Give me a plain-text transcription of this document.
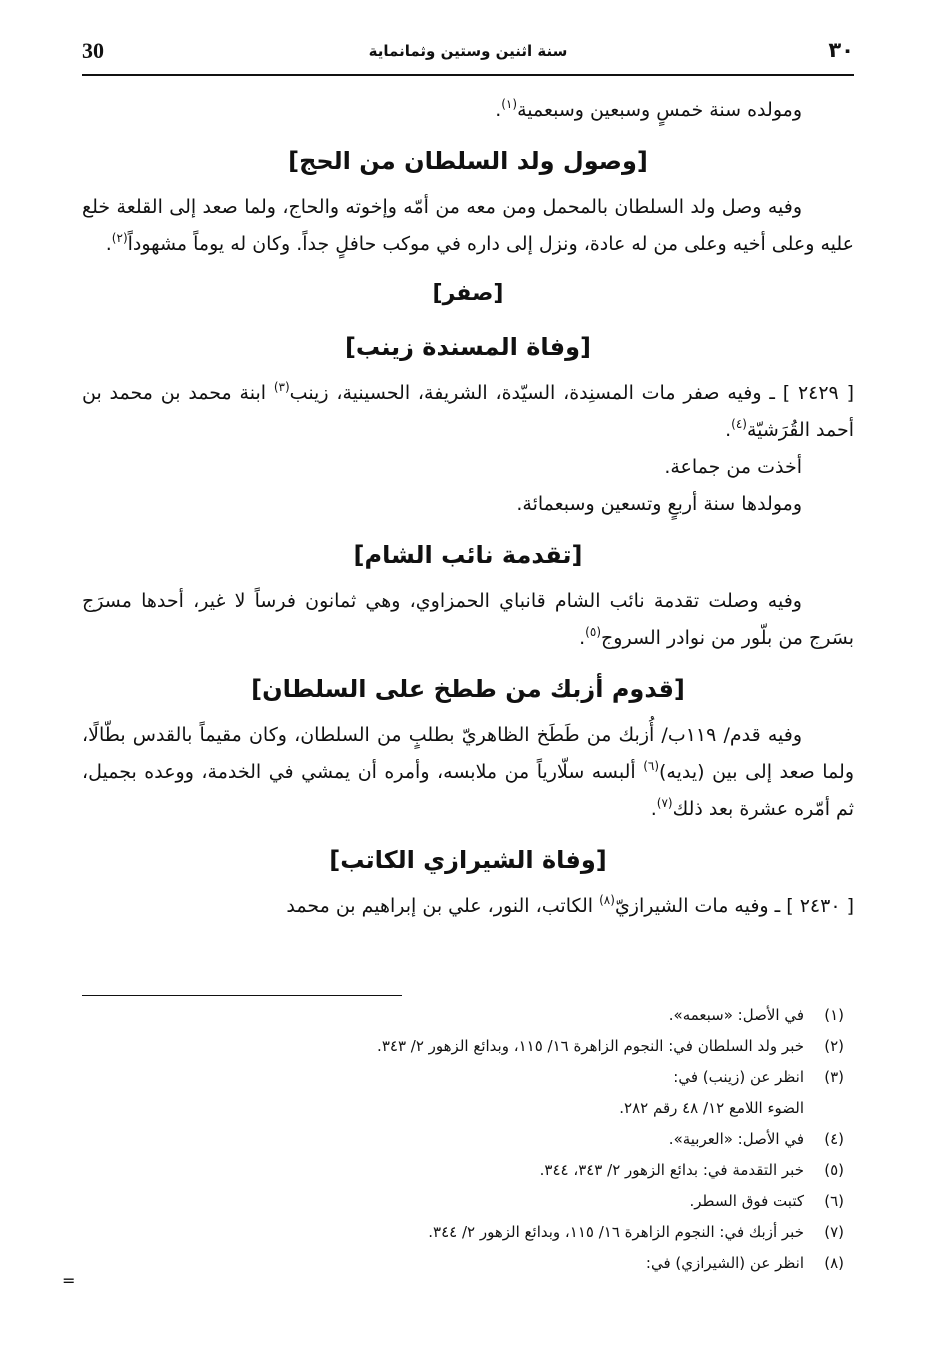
30	سنة اثنين وستين وثمانماية	٣٠

ومولده سنة خمسٍ وسبعين وسبعمية$^{(١)}$.

[وصول ولد السلطان من الحج]

وفيه وصل ولد السلطان بالمحمل ومن معه من أمّه وإخوته والحاج، ولما صعد إلى القلعة خلع عليه وعلى أخيه وعلى من له عادة، ونزل إلى داره في موكب حافلٍ جداً. وكان له يوماً مشهوداً$^{(٢)}$.

[صفر]
[وفاة المسندة زينب]

[ ٢٤٢٩ ] ـ وفيه صفر مات المسنِدة، السيّدة، الشريفة، الحسينية، زينب$^{(٣)}$ ابنة محمد بن محمد بن أحمد القُرَشيّة$^{(٤)}$.

أخذت من جماعة.

ومولدها سنة أربعٍ وتسعين وسبعمائة.

[تقدمة نائب الشام]

وفيه وصلت تقدمة نائب الشام قانباي الحمزاوي، وهي ثمانون فرساً لا غير، أحدها مسرَج بسَرج من بلّور من نوادر السروج$^{(٥)}$.

[قدوم أزبك من ططخ على السلطان]

وفيه قدم/ ١١٩ب/ أُزبك من طَطَخ الظاهريّ بطلبٍ من السلطان، وكان مقيماً بالقدس بطّالًا، ولما صعد إلى بين (يديه)$^{(٦)}$ ألبسه سلّارياً من ملابسه، وأمره أن يمشي في الخدمة، ووعده بجميل، ثم أمّره عشرة بعد ذلك$^{(٧)}$.

[وفاة الشيرازي الكاتب]

[ ٢٤٣٠ ] ـ وفيه مات الشيرازيّ$^{(٨)}$ الكاتب، النور، علي بن إبراهيم بن محمد

(١)
في الأصل: «سبعمه».
(٢)
خبر ولد السلطان في: النجوم الزاهرة ١٦/ ١١٥، وبدائع الزهور ٢/ ٣٤٣.
(٣)
انظر عن (زينب) في:
الضوء اللامع ١٢/ ٤٨ رقم ٢٨٢.
(٤)
في الأصل: «العربية».
(٥)
خبر التقدمة في: بدائع الزهور ٢/ ٣٤٣، ٣٤٤.
(٦)
كتبت فوق السطر.
(٧)
خبر أزبك في: النجوم الزاهرة ١٦/ ١١٥، وبدائع الزهور ٢/ ٣٤٤.
(٨)
انظر عن (الشيرازي) في:
=
